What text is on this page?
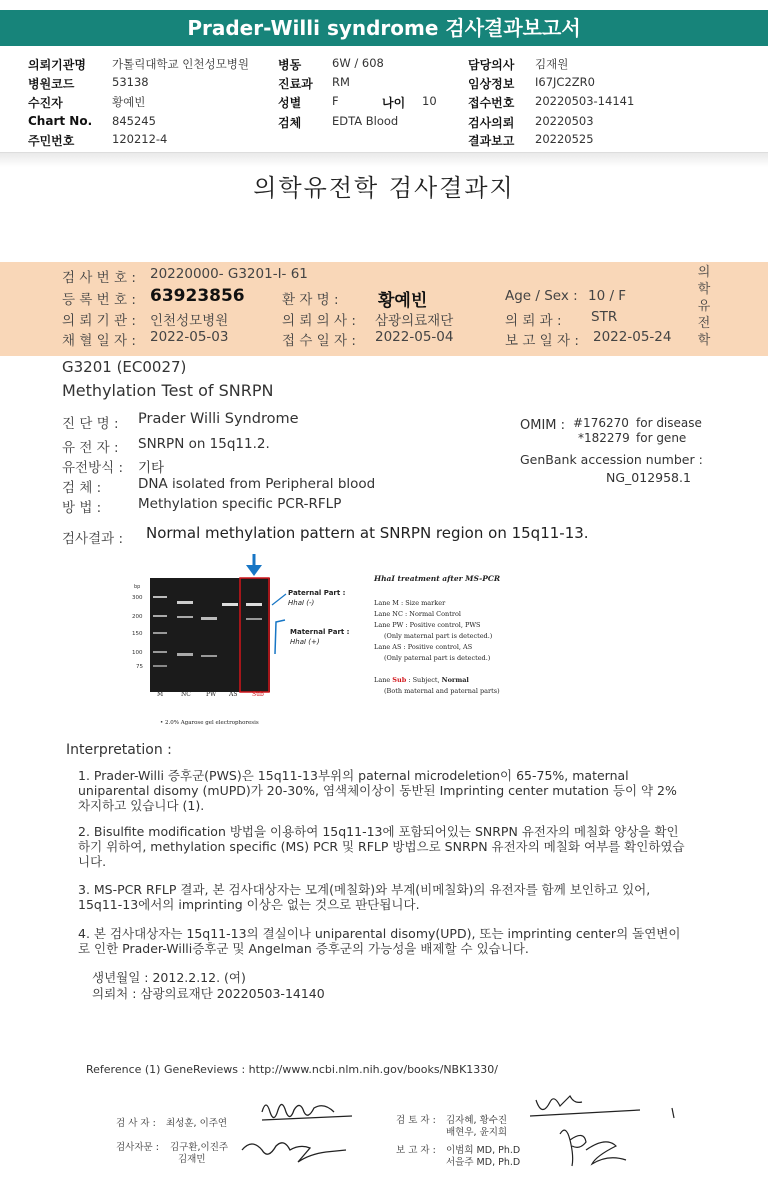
Prader-Willi syndrome 검사결과보고서
의뢰기관명 가톨릭대학교 인천성모병원 병동	6W / 608	담당의사 김재원
병원코드	53138	진료과 RM	임상정보 I67JC2ZR0
수진자	황예빈	성별	F	나이 10	접수번호 20220503-14141
Chart No. 845245	검체	EDTA Blood	검사의뢰 20220503
주민번호	120212-4	결과보고 20220525
의학유전학 검사결과지
검 사 번 호 : 20220000- G3201-I- 61
등 록 번 호 : 63923856	환 자 명 : 황예빈	Age / Sex : 10 / F
의 뢰 기 관 : 인천성모병원	의 뢰 의 사 : 삼광의료재단	의 뢰 과 : STR
채 혈 일 자 : 2022-05-03	접 수 일 자 : 2022-05-04	보 고 일 자 : 2022-05-24
의
학
유
전
학
G3201 (EC0027)
Methylation Test of SNRPN
진 단 명 : Prader Willi Syndrome
유 전 자 : SNRPN on 15q11.2.
유전방식 : 기타
검 체 :	DNA isolated from Peripheral blood
방 법 :	Methylation specific PCR-RFLP
OMIM : #176270 for disease
*182279 for gene
GenBank accession number :
NG_012958.1
검사결과 : Normal methylation pattern at SNRPN region on 15q11-13.
bp
300
200
150
100
75
M	NC	PW AS Sub
Paternal Part :
HhaI (-)
Maternal Part :
HhaI (+)
• 2.0% Agarose gel electrophoresis
HhaI treatment after MS-PCR
Lane M : Size marker
Lane NC : Normal Control
Lane PW : Positive control, PWS
(Only maternal part is detected.)
Lane AS : Positive control, AS
(Only paternal part is detected.)
Lane Sub : Subject, Normal
(Both maternal and paternal parts)
Interpretation :
1. Prader-Willi 증후군(PWS)은 15q11-13부위의 paternal microdeletion이 65-75%, maternal uniparental disomy (mUPD)가 20-30%, 염색체이상이 동반된 Imprinting center mutation 등이 약 2% 차지하고 있습니다 (1).
2. Bisulfite modification 방법을 이용하여 15q11-13에 포함되어있는 SNRPN 유전자의 메칠화 양상을 확인하기 위하여, methylation specific (MS) PCR 및 RFLP 방법으로 SNRPN 유전자의 메칠화 여부를 확인하였습니다.
3. MS-PCR RFLP 결과, 본 검사대상자는 모계(메칠화)와 부계(비메칠화)의 유전자를 함께 보인하고 있어, 15q11-13에서의 imprinting 이상은 없는 것으로 판단됩니다.
4. 본 검사대상자는 15q11-13의 결실이나 uniparental disomy(UPD), 또는 imprinting center의 돌연변이로 인한 Prader-Willi증후군 및 Angelman 증후군의 가능성을 배제할 수 있습니다.
생년월일 : 2012.2.12. (여)
의뢰처 : 삼광의료재단 20220503-14140
Reference (1) GeneReviews : http://www.ncbi.nlm.nih.gov/books/NBK1330/
검 사 자 : 최성훈, 이주연	검 토 자 : 김자혜, 황수진
배현우, 윤지희
검사자문 : 김구환,이진주
김재민
보 고 자 : 이범희 MD, Ph.D
서을주 MD, Ph.D
